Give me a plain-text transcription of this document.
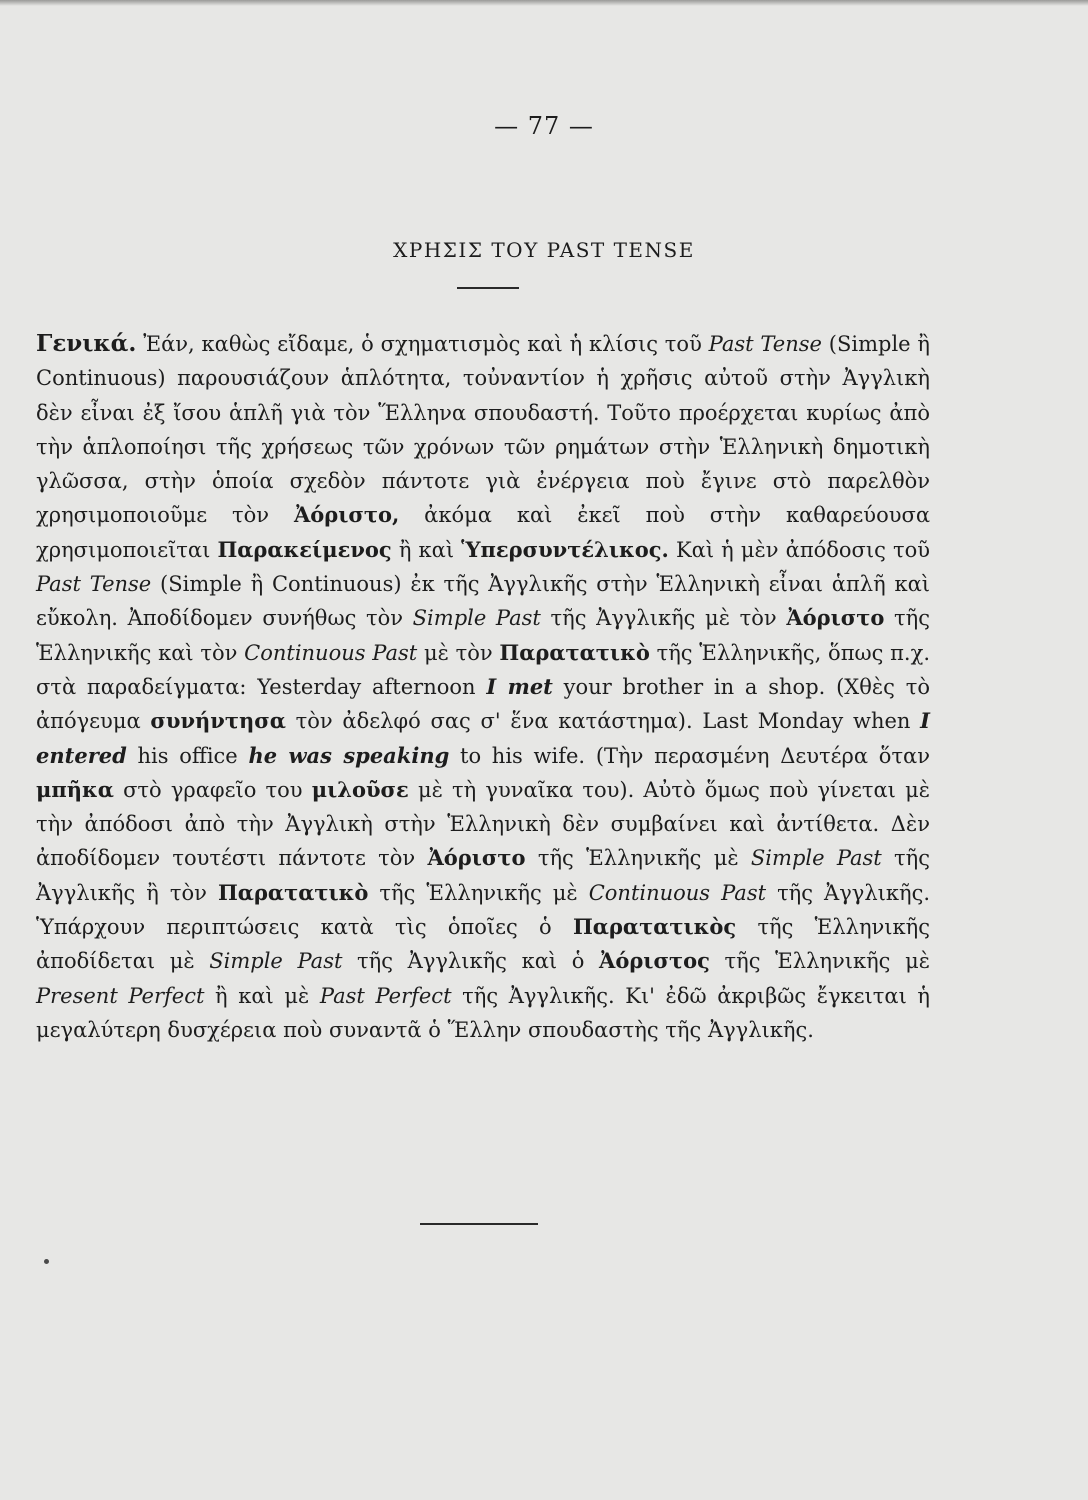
— 77 —
ΧΡΗΣΙΣ ΤΟΥ PAST TENSE

Γενικά. Ἐάν, καθὼς εἴδαμε, ὁ σχηματισμὸς καὶ ἡ κλίσις τοῦ Past Tense (Simple ἢ Continuous) παρουσιάζουν ἁπλότητα, τοὐναντίον ἡ χρῆσις αὐτοῦ στὴν Ἀγγλικὴ δὲν εἶναι ἐξ ἴσου ἁπλῆ γιὰ τὸν Ἕλληνα σπουδαστή. Τοῦτο προέρχεται κυρίως ἀπὸ τὴν ἁπλοποίησι τῆς χρήσεως τῶν χρόνων τῶν ρημάτων στὴν Ἑλληνικὴ δημοτικὴ γλῶσσα, στὴν ὁποία σχεδὸν πάντοτε γιὰ ἐνέργεια ποὺ ἔγινε στὸ παρελθὸν χρησιμοποιοῦμε τὸν Ἀόριστο, ἀκόμα καὶ ἐκεῖ ποὺ στὴν καθαρεύουσα χρησιμοποιεῖται Παρακείμενος ἢ καὶ Ὑπερσυντέλικος. Καὶ ἡ μὲν ἀπόδοσις τοῦ Past Tense (Simple ἢ Continuous) ἐκ τῆς Ἀγγλικῆς στὴν Ἑλληνικὴ εἶναι ἁπλῆ καὶ εὔκολη. Ἀποδίδομεν συνήθως τὸν Simple Past τῆς Ἀγγλικῆς μὲ τὸν Ἀόριστο τῆς Ἑλληνικῆς καὶ τὸν Continuous Past μὲ τὸν Παρατατικὸ τῆς Ἑλληνικῆς, ὅπως π.χ. στὰ παραδείγματα: Yesterday afternoon I met your brother in a shop. (Χθὲς τὸ ἀπόγευμα συνήντησα τὸν ἀδελφό σας σ' ἕνα κατάστημα). Last Monday when I entered his office he was speaking to his wife. (Τὴν περασμένη Δευτέρα ὅταν μπῆκα στὸ γραφεῖο του μιλοῦσε μὲ τὴ γυναῖκα του). Αὐτὸ ὅμως ποὺ γίνεται μὲ τὴν ἀπόδοσι ἀπὸ τὴν Ἀγγλικὴ στὴν Ἑλληνικὴ δὲν συμβαίνει καὶ ἀντίθετα. Δὲν ἀποδίδομεν τουτέστι πάντοτε τὸν Ἀόριστο τῆς Ἑλληνικῆς μὲ Simple Past τῆς Ἀγγλικῆς ἢ τὸν Παρατατικὸ τῆς Ἑλληνικῆς μὲ Continuous Past τῆς Ἀγγλικῆς. Ὑπάρχουν περιπτώσεις κατὰ τὶς ὁποῖες ὁ Παρατατικὸς τῆς Ἑλληνικῆς ἀποδίδεται μὲ Simple Past τῆς Ἀγγλικῆς καὶ ὁ Ἀόριστος τῆς Ἑλληνικῆς μὲ Present Perfect ἢ καὶ μὲ Past Perfect τῆς Ἀγγλικῆς. Κι' ἐδῶ ἀκριβῶς ἔγκειται ἡ μεγαλύτερη δυσχέρεια ποὺ συναντᾶ ὁ Ἕλλην σπουδαστὴς τῆς Ἀγγλικῆς.
